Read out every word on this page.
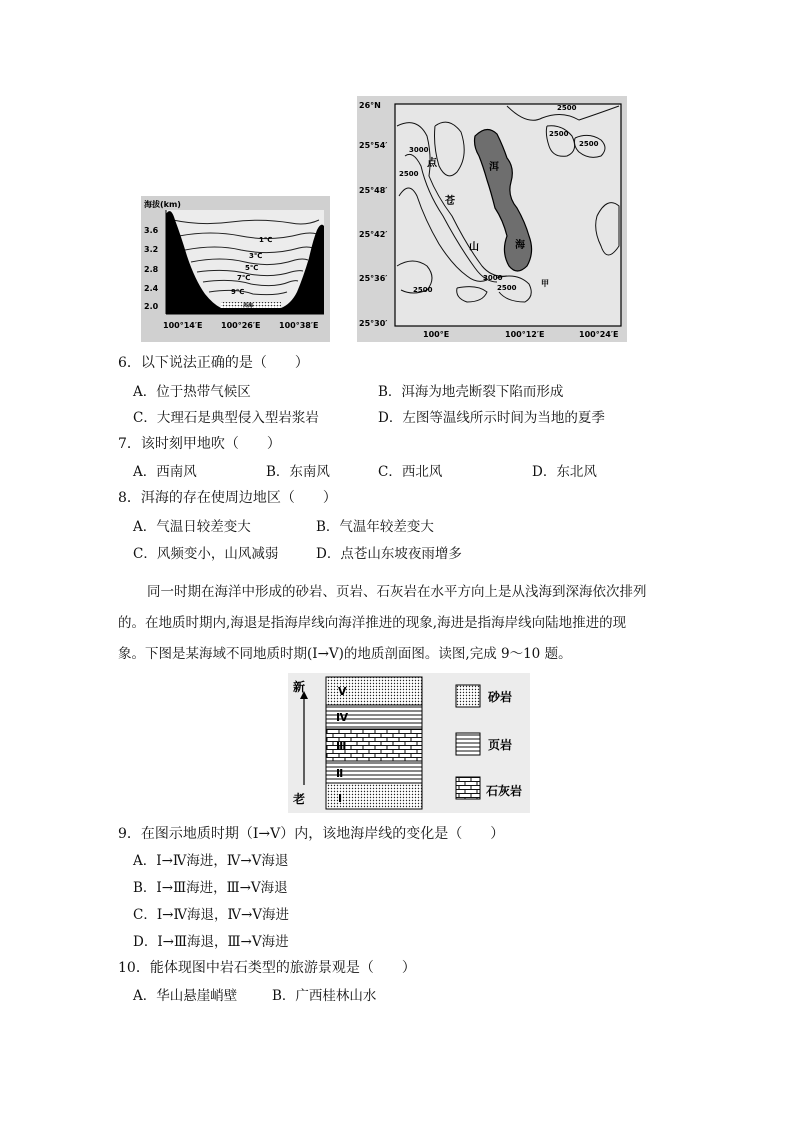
海拔(km)
3.6
3.2
2.8
2.4
2.0
100°14′E 100°26′E 100°38′E
1℃
3℃
5℃
7℃
9℃
洱海
26°N
25°54′
25°48′
25°42′
25°36′
25°30′
100°E	100°12′E	100°24′E
2500
2500
2500
3000
2500
3000
2500
2500
点
苍
山
洱
海
甲
6．以下说法正确的是（　　）
A．位于热带气候区	B．洱海为地壳断裂下陷而形成
C．大理石是典型侵入型岩浆岩	D．左图等温线所示时间为当地的夏季
7．该时刻甲地吹（　　）
A．西南风	B．东南风	C．西北风	D．东北风
8．洱海的存在使周边地区（　　）
A．气温日较差变大	B．气温年较差变大
C．风频变小，山风减弱	D．点苍山东坡夜雨增多
同一时期在海洋中形成的砂岩、页岩、石灰岩在水平方向上是从浅海到深海依次排列
的。在地质时期内,海退是指海岸线向海洋推进的现象,海进是指海岸线向陆地推进的现
象。下图是某海域不同地质时期(Ⅰ→Ⅴ)的地质剖面图。读图,完成 9～10 题。
新
老
Ⅴ
Ⅳ
Ⅲ
Ⅱ
Ⅰ
砂岩
页岩
石灰岩
9．在图示地质时期（Ⅰ→Ⅴ）内，该地海岸线的变化是（　　）
A．Ⅰ→Ⅳ海进，Ⅳ→Ⅴ海退
B．Ⅰ→Ⅲ海进，Ⅲ→Ⅴ海退
C．Ⅰ→Ⅳ海退，Ⅳ→Ⅴ海进
D．Ⅰ→Ⅲ海退，Ⅲ→Ⅴ海进
10．能体现图中岩石类型的旅游景观是（　　）
A．华山悬崖峭壁	B．广西桂林山水
